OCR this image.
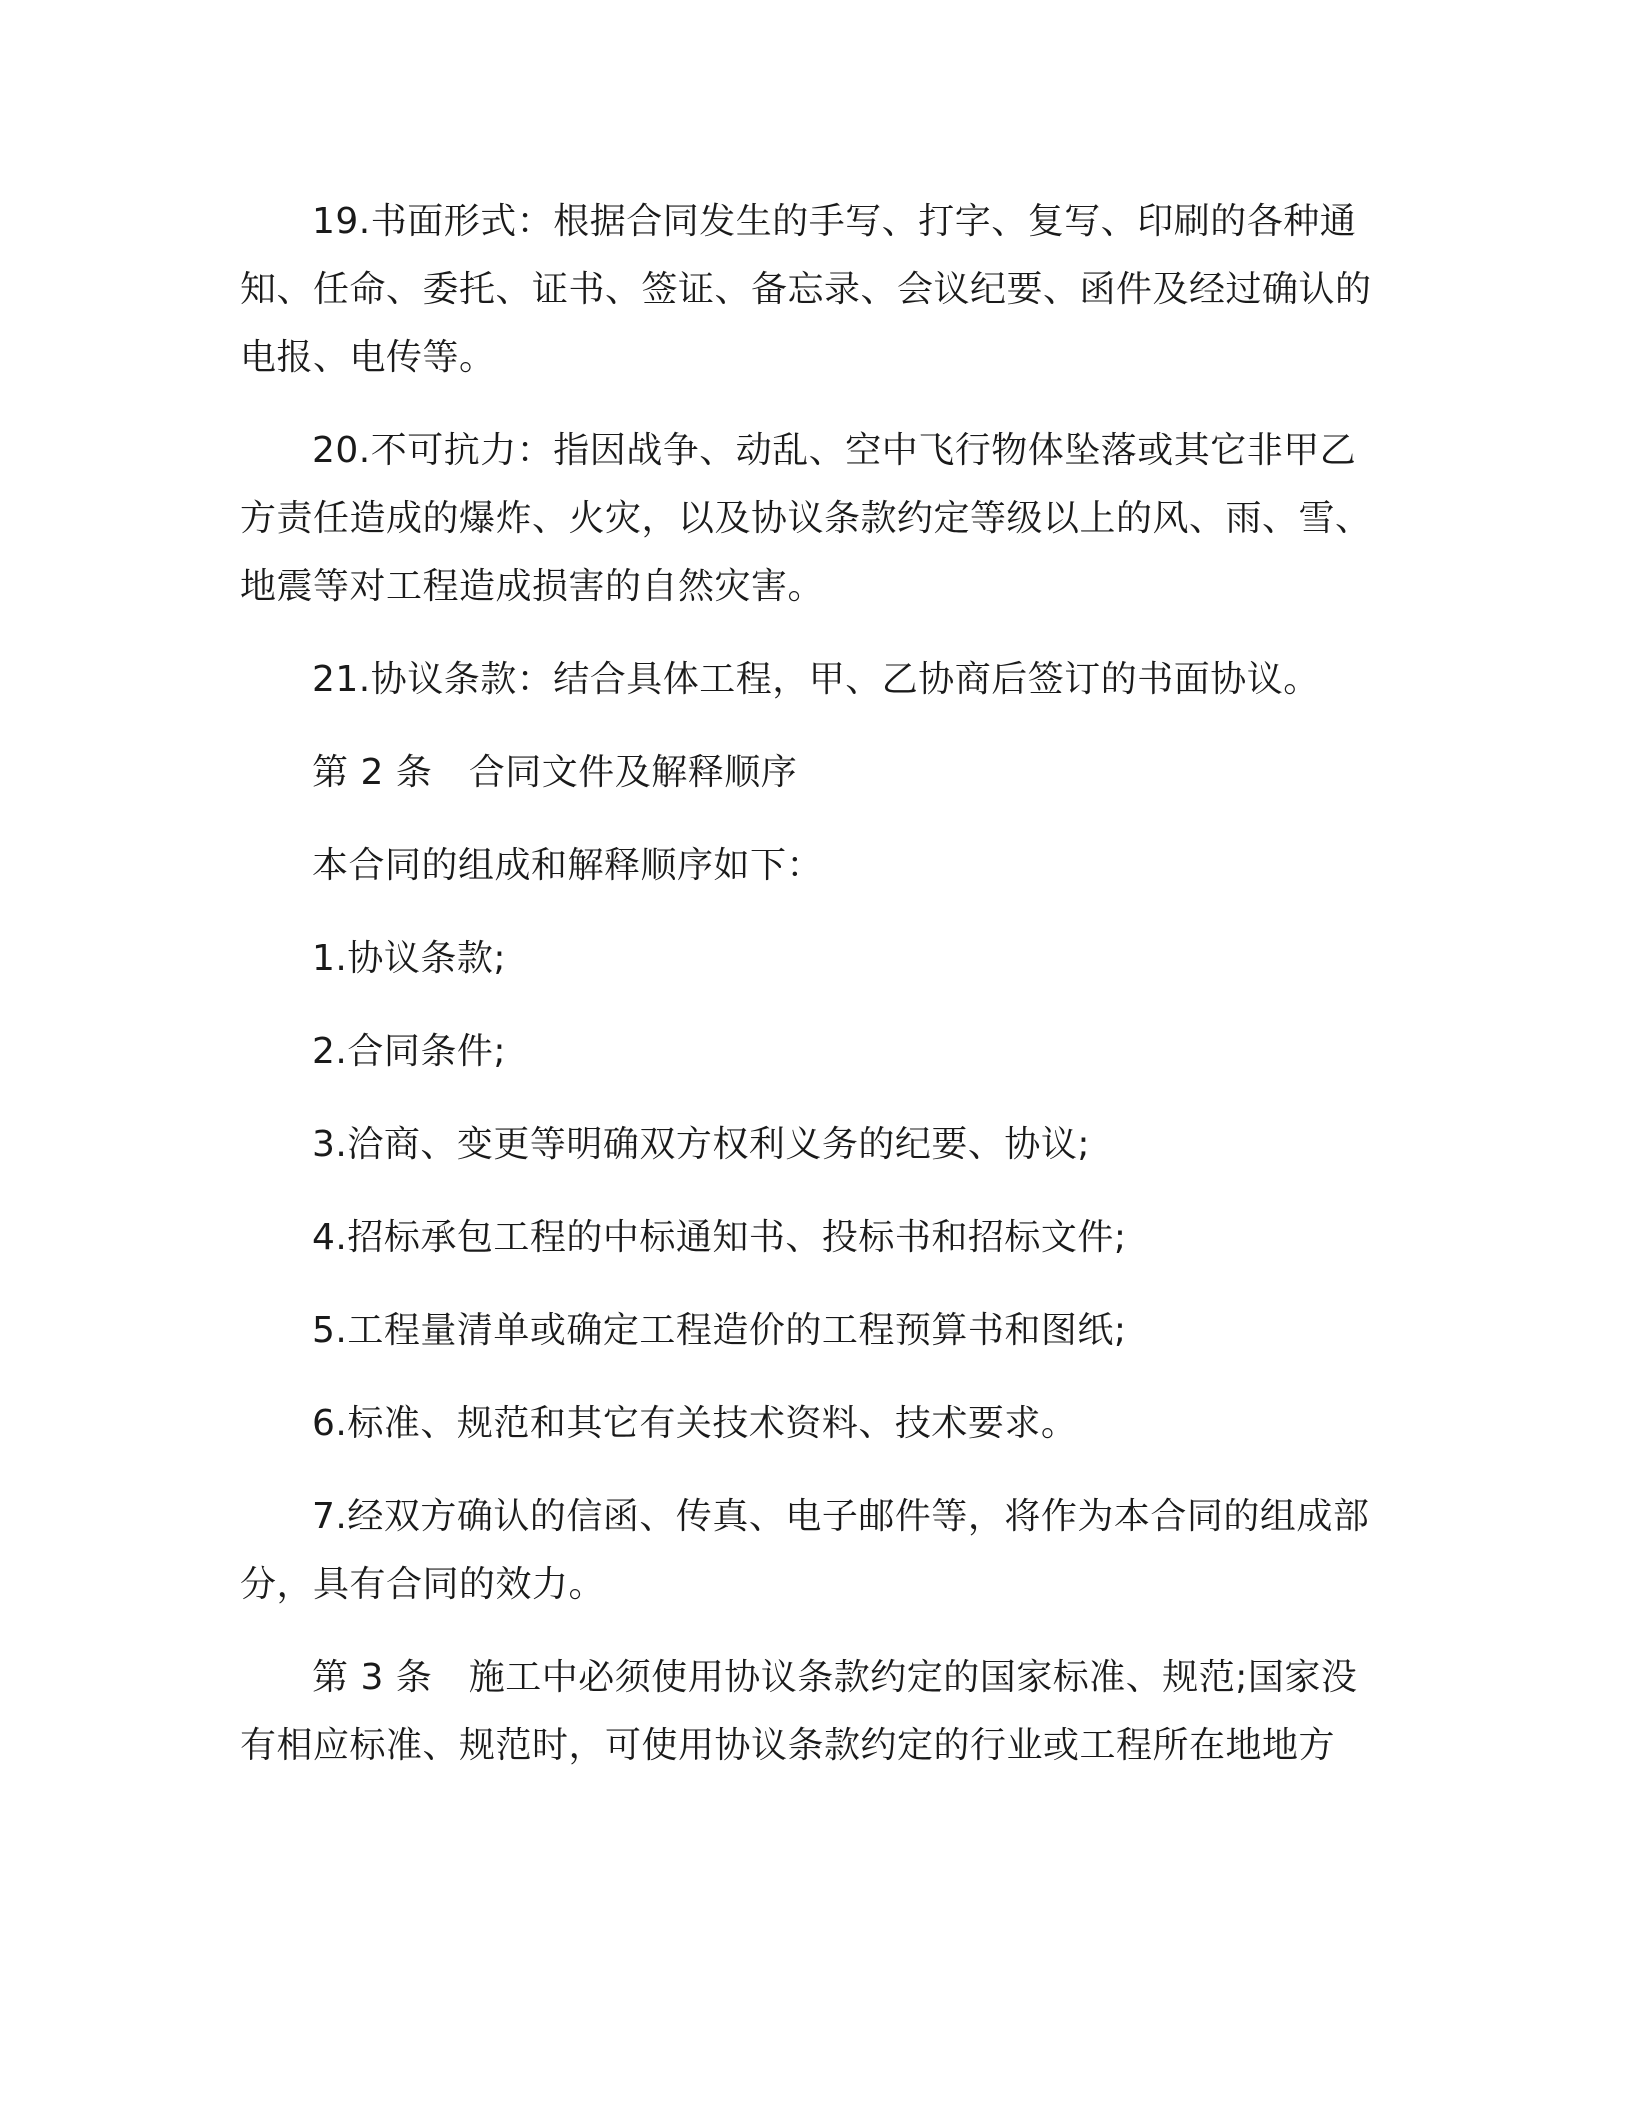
19.书面形式：根据合同发生的手写、打字、复写、印刷的各种通知、任命、委托、证书、签证、备忘录、会议纪要、函件及经过确认的电报、电传等。

20.不可抗力：指因战争、动乱、空中飞行物体坠落或其它非甲乙方责任造成的爆炸、火灾，以及协议条款约定等级以上的风、雨、雪、地震等对工程造成损害的自然灾害。

21.协议条款：结合具体工程，甲、乙协商后签订的书面协议。

第 2 条　合同文件及解释顺序

本合同的组成和解释顺序如下：

1.协议条款;

2.合同条件;

3.洽商、变更等明确双方权利义务的纪要、协议;

4.招标承包工程的中标通知书、投标书和招标文件;

5.工程量清单或确定工程造价的工程预算书和图纸;

6.标准、规范和其它有关技术资料、技术要求。

7.经双方确认的信函、传真、电子邮件等，将作为本合同的组成部分，具有合同的效力。

第 3 条　施工中必须使用协议条款约定的国家标准、规范;国家没有相应标准、规范时，可使用协议条款约定的行业或工程所在地地方
